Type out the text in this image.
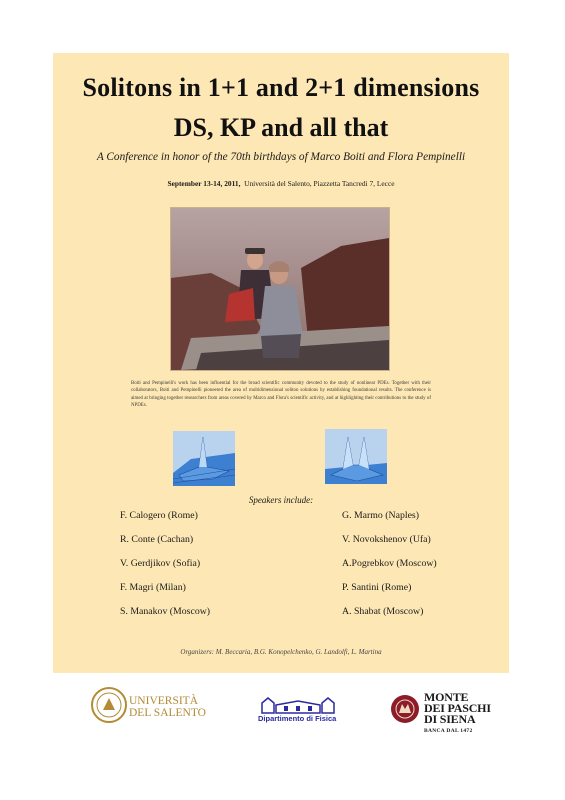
Solitons in 1+1 and 2+1 dimensions
DS, KP and all that
A Conference in honor of the 70th birthdays of Marco Boiti and Flora Pempinelli
September 13-14, 2011, Università del Salento, Piazzetta Tancredi 7, Lecce
Boiti and Pempinelli's work has been influential for the broad scientific community devoted to the study of nonlinear PDEs. Together with their collaborators, Boiti and Pempinelli pioneered the area of multidimensional soliton solutions by establishing foundational results. The conference is aimed at bringing together researchers from areas covered by Marco and Flora's scientific activity, and at highlighting their contributions to the study of NPDEs.
Speakers include:
F. Calogero (Rome)
R. Conte (Cachan)
V. Gerdjikov (Sofia)
F. Magri (Milan)
S. Manakov (Moscow)
G. Marmo (Naples)
V. Novokshenov (Ufa)
A.Pogrebkov (Moscow)
P. Santini (Rome)
A. Shabat (Moscow)
Organizers: M. Beccaria, B.G. Konopelchenko, G. Landolfi, L. Martina
UNIVERSITÀ
DEL SALENTO	Dipartimento di Fisica
MONTE
DEI PASCHI
DI SIENA
BANCA DAL 1472
